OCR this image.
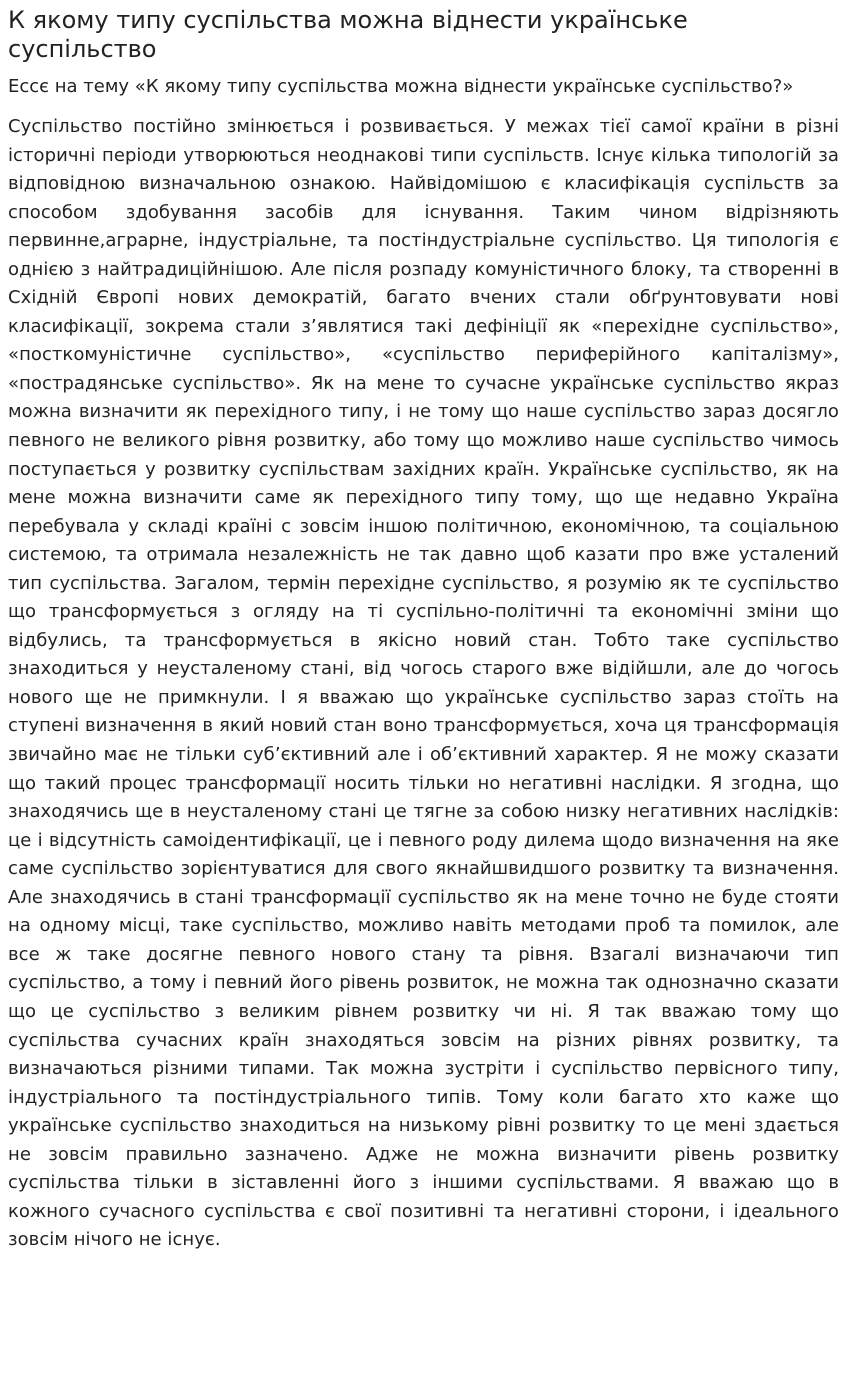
К якому типу суспільства можна віднести українське суспільство

Ессє на тему «К якому типу суспільства можна віднести українське суспільство?»

Суспільство постійно змінюється і розвивається. У межах тієї самої країни в різні історичні періоди утворюються неоднакові типи суспільств. Існує кілька типологій за відповідною визначальною ознакою. Найвідомішою є класифікація суспільств за способом здобування засобів для існування. Таким чином відрізняють первинне,аграрне, індустріальне, та постіндустріальне суспільство. Ця типологія є однією з найтрадиційнішою. Але після розпаду комуністичного блоку, та створенні в Східній Європі нових демократій, багато вчених стали обґрунтовувати нові класифікації, зокрема стали з’являтися такі дефініції як «перехідне суспільство», «посткомуністичне суспільство», «суспільство периферійного капіталізму», «пострадянське суспільство». Як на мене то сучасне українське суспільство якраз можна визначити як перехідного типу, і не тому що наше суспільство зараз досягло певного не великого рівня розвитку, або тому що можливо наше суспільство чимось поступається у розвитку суспільствам західних країн. Українське суспільство, як на мене можна визначити саме як перехідного типу тому, що ще недавно Україна перебувала у складі країні с зовсім іншою політичною, економічною, та соціальною системою, та отримала незалежність не так давно щоб казати про вже усталений тип суспільства. Загалом, термін перехідне суспільство, я розумію як те суспільство що трансформується з огляду на ті суспільно-політичні та економічні зміни що відбулись, та трансформується в якісно новий стан. Тобто таке суспільство знаходиться у неусталеному стані, від чогось старого вже відійшли, але до чогось нового ще не примкнули. І я вважаю що українське суспільство зараз стоїть на ступені визначення в який новий стан воно трансформується, хоча ця трансформація звичайно має не тільки суб’єктивний але і об’єктивний характер. Я не можу сказати що такий процес трансформації носить тільки но негативні наслідки. Я згодна, що знаходячись ще в неусталеному стані це тягне за собою низку негативних наслідків: це і відсутність самоідентифікації, це і певного роду дилема щодо визначення на яке саме суспільство зорієнтуватися для свого якнайшвидшого розвитку та визначення. Але знаходячись в стані трансформації суспільство як на мене точно не буде стояти на одному місці, таке суспільство, можливо навіть методами проб та помилок, але все ж таке досягне певного нового стану та рівня. Взагалі визначаючи тип суспільство, а тому і певний його рівень розвиток, не можна так однозначно сказати що це суспільство з великим рівнем розвитку чи ні. Я так вважаю тому що суспільства сучасних країн знаходяться зовсім на різних рівнях розвитку, та визначаються різними типами. Так можна зустріти і суспільство первісного типу, індустріального та постіндустріального типів. Тому коли багато хто каже що українське суспільство знаходиться на низькому рівні розвитку то це мені здається не зовсім правильно зазначено. Адже не можна визначити рівень розвитку суспільства тільки в зіставленні його з іншими суспільствами. Я вважаю що в кожного сучасного суспільства є свої позитивні та негативні сторони, і ідеального зовсім нічого не існує.
